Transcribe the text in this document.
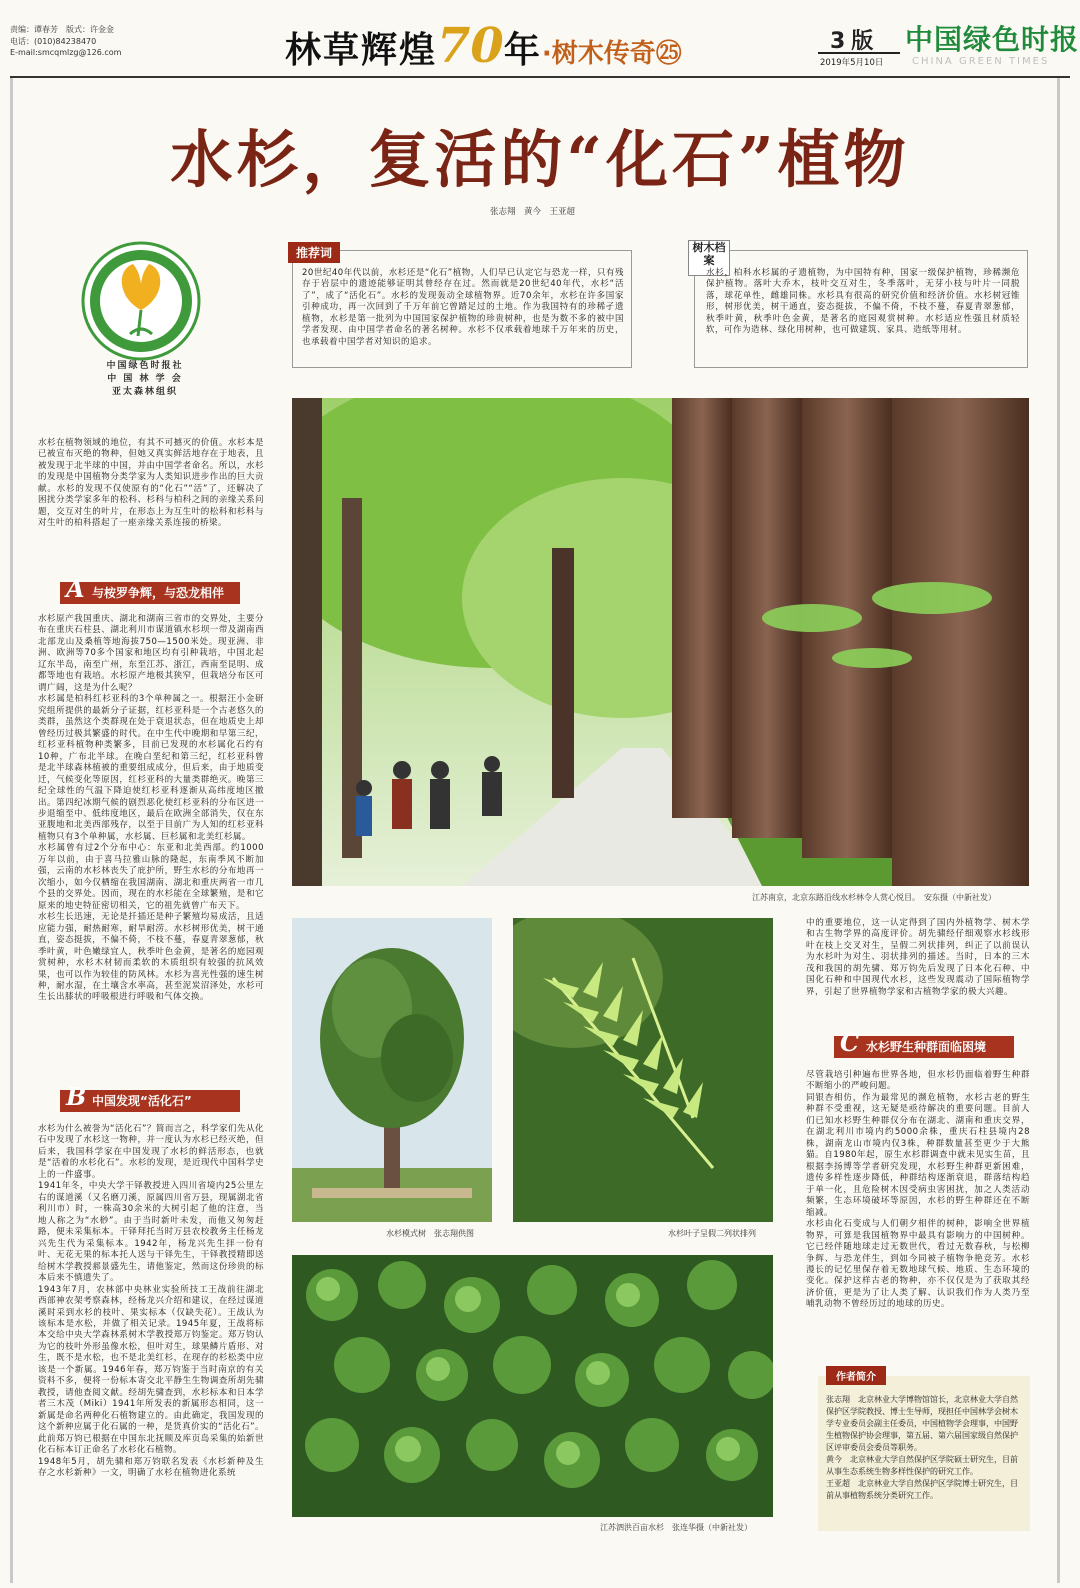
责编：谭春芳　版式：许金金
电话：(010)84238470
E-mail:smcqmlzg@126.com	林草辉煌70年·树木传奇㉕	3版
2019年5月10日
中国绿色时报
CHINA GREEN TIMES
水杉，复活的“化石”植物
张志翔　黄今　王亚超
中国绿色时报社
中 国 林 学 会
亚太森林组织
推荐词
20世纪40年代以前，水杉还是“化石”植物，人们早已认定它与恐龙一样，只有残存于岩层中的遗迹能够证明其曾经存在过。然而就是20世纪40年代，水杉“活了”，成了“活化石”。水杉的发现轰动全球植物界。近70余年，水杉在许多国家引种成功，再一次回到了千万年前它曾踏足过的土地。作为我国特有的珍稀孑遗植物，水杉是第一批列为中国国家保护植物的珍贵树种，也是为数不多的被中国学者发现、由中国学者命名的著名树种。水杉不仅承载着地球千万年来的历史，也承载着中国学者对知识的追求。
树木档案
水杉，柏科水杉属的孑遗植物，为中国特有种，国家一级保护植物，珍稀濒危保护植物。落叶大乔木，枝叶交互对生，冬季落叶，无芽小枝与叶片一同脱落，球花单性，雌雄同株。水杉具有很高的研究价值和经济价值。水杉树冠锥形，树形优美，树干通直，姿态挺拔，不偏不倚，不枝不蔓，春夏青翠葱郁，秋季叶黄，秋季叶色金黄，是著名的庭园观赏树种。水杉适应性强且材质轻软，可作为造林、绿化用树种，也可做建筑、家具、造纸等用材。
水杉在植物领域的地位，有其不可撼灭的价值。水杉本是已被宣布灭绝的物种，但她又真实鲜活地存在于地表，且被发现于北半球的中国，并由中国学者命名。所以，水杉的发现是中国植物分类学家为人类知识进步作出的巨大贡献。水杉的发现不仅使原有的“化石”“活”了，还解决了困扰分类学家多年的松科、杉科与柏科之间的亲缘关系问题，交互对生的叶片，在形态上为互生叶的松科和杉科与对生叶的柏科搭起了一座亲缘关系连接的桥梁。
A 与桉罗争辉，与恐龙相伴
水杉原产我国重庆、湖北和湖南三省市的交界处，主要分布在重庆石柱县、湖北利川市谋道镇水杉坝一带及湖南西北部龙山及桑植等地海拔750—1500米处。现亚洲、非洲、欧洲等70多个国家和地区均有引种栽培，中国北起辽东半岛，南至广州，东至江苏、浙江，西南至昆明、成都等地也有栽培。水杉原产地极其狭窄，但栽培分布区可谓广阔，这是为什么呢？
水杉属是柏科红杉亚科的3个单种属之一。根据汪小金研究组所提供的最新分子证据，红杉亚科是一个古老悠久的类群，虽然这个类群现在处于衰退状态，但在地质史上却曾经历过极其繁盛的时代。在中生代中晚期和早第三纪，红杉亚科植物种类繁多，目前已发现的水杉属化石约有10种，广布北半球。在晚白垩纪和第三纪，红杉亚科曾是北半球森林植被的重要组成成分，但后来，由于地质变迁，气候变化等原因，红杉亚科的大量类群绝灭。晚第三纪全球性的气温下降迫使红杉亚科逐渐从高纬度地区撤出。第四纪冰期气候的剧烈恶化使红杉亚科的分布区进一步退缩至中、低纬度地区，最后在欧洲全部消失，仅在东亚腹地和北美西部残存，以至于目前广为人知的红杉亚科植物只有3个单种属，水杉属、巨杉属和北美红杉属。
水杉属曾有过2个分布中心：东亚和北美西部。约1000万年以前，由于喜马拉雅山脉的隆起，东南季风不断加强，云南的水杉林丧失了庇护所，野生水杉的分布地再一次缩小，如今仅栖缩在我国湖南、湖北和重庆两省一市几个县的交界处。因而，现在的水杉能在全球繁殖，是和它原来的地史特征密切相关，它的祖先就曾广布天下。
水杉生长迅速，无论是扦插还是种子繁殖均易成活，且适应能力强，耐热耐寒，耐旱耐涝。水杉树形优美，树干通直，姿态挺拔，不偏不倚，不枝不蔓，春夏青翠葱郁，秋季叶黄，叶色嫩绿宜人，秋季叶色金黄，是著名的庭园观赏树种，水杉木材韧而柔软的木质组织有较强的抗风效果，也可以作为较佳的防风林。水杉为喜光性强的速生树种，耐水湿，在土壤含水率高，甚至泥炭沼泽处，水杉可生长出膝状的呼吸根进行呼吸和气体交换。
B 中国发现“活化石”
水杉为什么被誉为“活化石”？简而言之，科学家们先从化石中发现了水杉这一物种，并一度认为水杉已经灭绝，但后来，我国科学家在中国发现了水杉的鲜活形态，也就是“活着的水杉化石”。水杉的发现，是近现代中国科学史上的一件盛事。
1941年冬，中央大学干铎教授进入四川省境内25公里左右的谋道溪（又名磨刀溪，原属四川省万县，现属湖北省利川市）时，一株高30余米的大树引起了他的注意，当地人称之为“水桫”。由于当时新叶未发，而他又匆匆赶路，便未采集标本。干铎拜托当时万县农校教务主任杨龙兴先生代为采集标本。1942年，杨龙兴先生拝一份有叶、无花无果的标本托人送与干铎先生，干铎教授精即送给树木学教授郝景盛先生，请他鉴定，然而这份珍贵的标本后来不慎遗失了。
1943年7月，农林部中央林业实验所技工王战前往湖北西部神农架考察森林，经杨龙兴介绍和建议，在经过谋道溪时采到水杉的枝叶、果实标本（仅缺失花）。王战认为该标本是水松，并做了相关记录。1945年夏，王战将标本交给中央大学森林系树木学教授郑万钧鉴定。郑万钧认为它的枝叶外形虽像水松，但叶对生，球果鳞片盾形、对生，既不是水松，也不是北美红杉，在现存的杉松类中应该是一个新属。1946年春，郑万钧鉴于当时南京的有关资料不多，便将一份标本寄交北平静生生物调查所胡先骕教授，请他查阅文献。经胡先骕查到，水杉标本和日本学者三木茂（Miki）1941年所发表的新属形态相同，这一新属是命名两种化石植物建立的。由此确定，我国发现的这个新种应属于化石属的一种，是货真价实的“活化石”。此前郑万钧已根据在中国东北抚顺及库页岛采集的始新世化石标本订正命名了水杉化石植物。
1948年5月，胡先骕和郑万钧联名发表《水杉新种及生存之水杉新种》一文，明确了水杉在植物进化系统
江苏南京，北京东路沿线水杉林令人赏心悦目。　安东摄（中新社发）
水杉模式树　张志翔供图	水杉叶子呈假二列状排列
江苏泗洪百亩水杉　张连华摄（中新社发）
中的重要地位，这一认定得到了国内外植物学、树木学和古生物学界的高度评价。胡先骕经仔细观察水杉线形叶在枝上交叉对生，呈假二列状排列，纠正了以前误认为水杉叶为对生、羽状排列的描述。当时，日本的三木茂和我国的胡先骕、郑万钧先后发现了日本化石种、中国化石种和中国现代水杉，这些发现震动了国际植物学界，引起了世界植物学家和古植物学家的极大兴趣。
C 水杉野生种群面临困境
尽管栽培引种遍布世界各地，但水杉仍面临着野生种群不断缩小的严峻问题。
同银杏相仿，作为最常见的濒危植物，水杉古老的野生种群不受重视，这无疑是亟待解决的重要问题。目前人们已知水杉野生种群仅分布在湖北、湖南和重庆交界，在湖北利川市境内约5000余株，重庆石柱县境内28株，湖南龙山市境内仅3株，种群数量甚至更少于大熊猫。自1980年起，原生水杉群调查中就未见实生苗，且根据李扬博等学者研究发现，水杉野生种群更新困难，遗传多样性逐步降低，种群结构逐渐衰退，群落结构趋于单一化，且危险树木因受病虫害困扰，加之人类活动频繁，生态环境破坏等原因，水杉的野生种群还在不断缩减。
水杉由化石变成与人们朝夕相伴的树种，影响全世界植物界，可算是我国植物界中最具有影响力的中国树种。它已经伴随地球走过无数世代，看过无数春秋，与松柳争辉、与恐龙伴生，到如今同被子植物争艳竞芳。水杉漫长的记忆里保存着无数地球气候、地质、生态环境的变化。保护这样古老的物种，亦不仅仅是为了获取其经济价值，更是为了让人类了解、认识我们作为人类乃至哺乳动物不曾经历过的地球的历史。
作者简介
张志翔　北京林业大学博物馆馆长，北京林业大学自然保护区学院教授、博士生导师，现担任中国林学会树木学专业委员会副主任委员，中国植物学会理事，中国野生植物保护协会理事，第五届、第六届国家级自然保护区评审委员会委员等职务。
黄今　北京林业大学自然保护区学院硕士研究生，目前从事生态系统生物多样性保护的研究工作。
王亚超　北京林业大学自然保护区学院博士研究生，目前从事植物系统分类研究工作。
